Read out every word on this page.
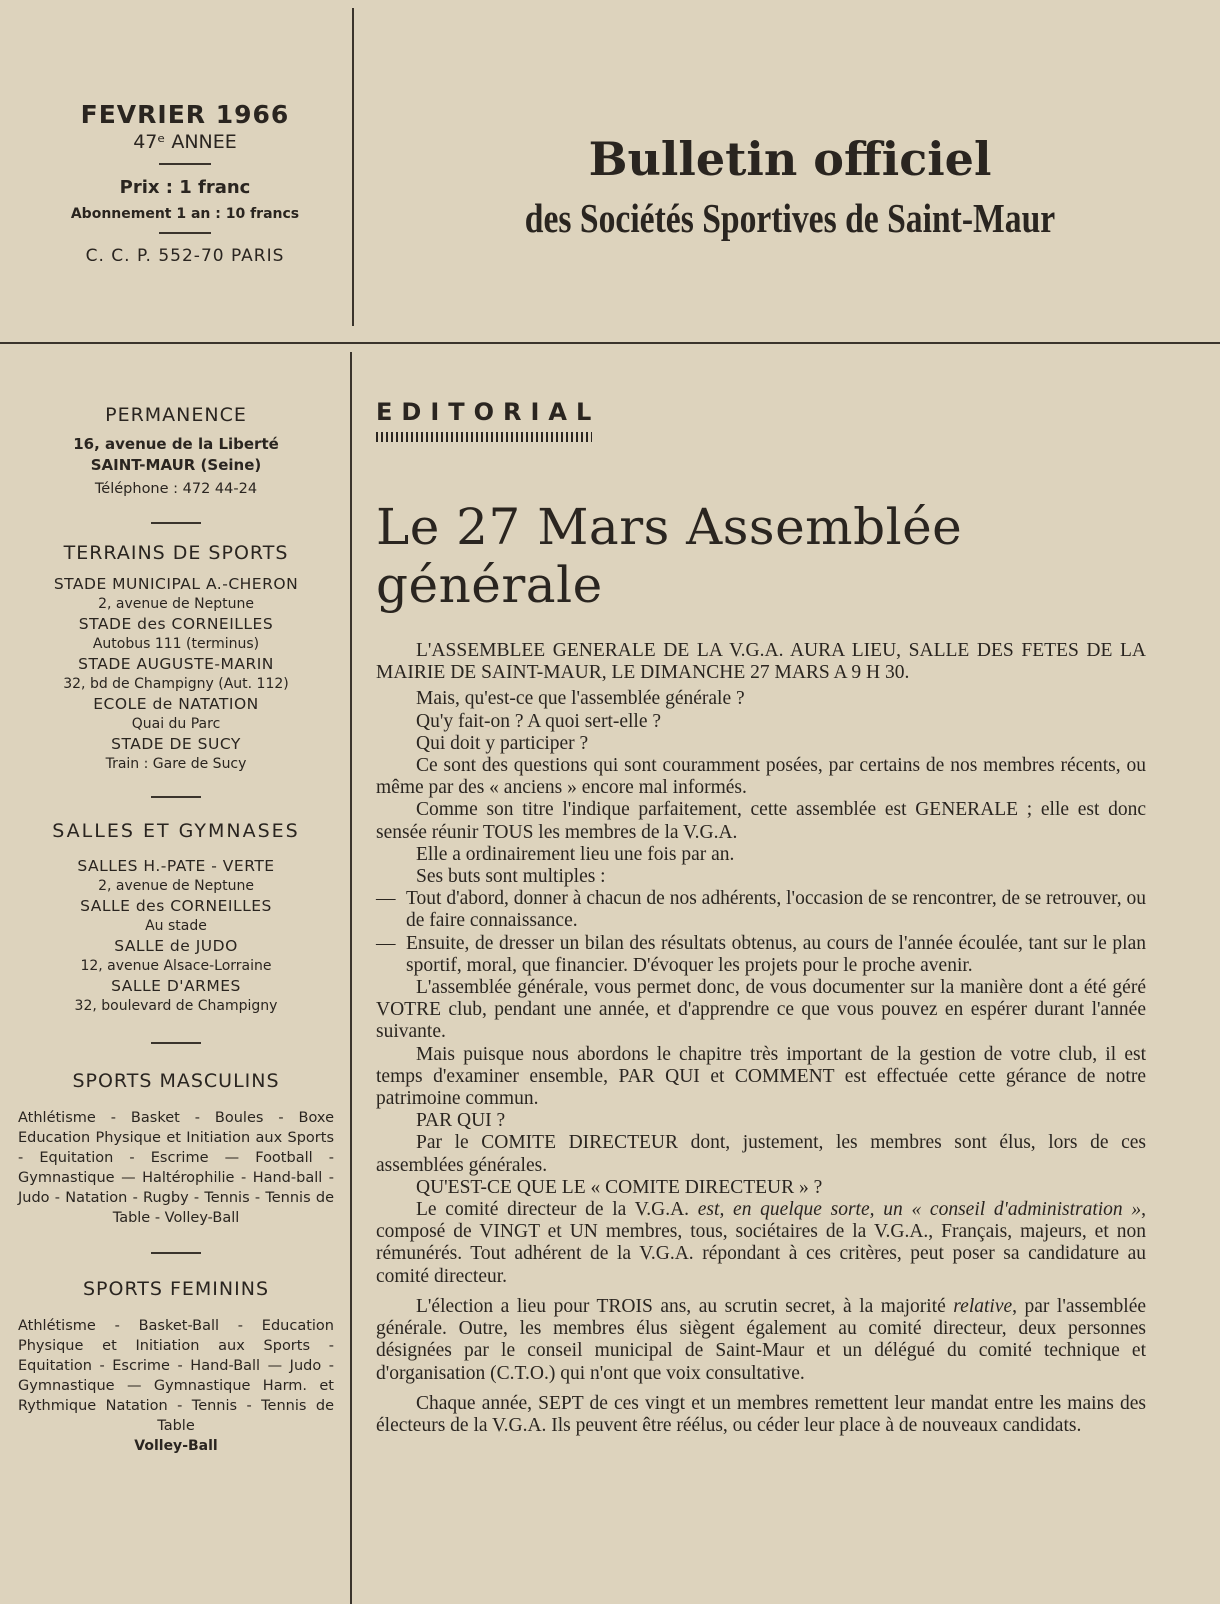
FEVRIER 1966
47ᵉ ANNEE
Prix : 1 franc
Abonnement 1 an : 10 francs
C. C. P. 552-70 PARIS
Bulletin officiel
des Sociétés Sportives de Saint-Maur
PERMANENCE
16, avenue de la Liberté
SAINT-MAUR (Seine)
Téléphone : 472 44-24
TERRAINS DE SPORTS
STADE MUNICIPAL A.-CHERON
2, avenue de Neptune
STADE des CORNEILLES
Autobus 111 (terminus)
STADE AUGUSTE-MARIN
32, bd de Champigny (Aut. 112)
ECOLE de NATATION
Quai du Parc
STADE DE SUCY
Train : Gare de Sucy
SALLES ET GYMNASES
SALLES H.-PATE - VERTE
2, avenue de Neptune
SALLE des CORNEILLES
Au stade
SALLE de JUDO
12, avenue Alsace-Lorraine
SALLE D'ARMES
32, boulevard de Champigny
SPORTS MASCULINS
Athlétisme - Basket - Boules - Boxe Education Physique et Initiation aux Sports - Equitation - Escrime — Football - Gymnastique — Haltérophilie - Hand-ball - Judo - Natation - Rugby - Tennis - Tennis de Table - Volley-Ball
SPORTS FEMININS
Athlétisme - Basket-Ball - Education Physique et Initiation aux Sports - Equitation - Escrime - Hand-Ball — Judo - Gymnastique — Gymnastique Harm. et Rythmique Natation - Tennis - Tennis de Table
Volley-Ball
EDITORIAL
Le 27 Mars Assemblée générale

L'ASSEMBLEE GENERALE DE LA V.G.A. AURA LIEU, SALLE DES FETES DE LA MAIRIE DE SAINT-MAUR, LE DIMANCHE 27 MARS A 9 H 30.

Mais, qu'est-ce que l'assemblée générale ?

Qu'y fait-on ? A quoi sert-elle ?

Qui doit y participer ?

Ce sont des questions qui sont couramment posées, par certains de nos membres récents, ou même par des « anciens » encore mal informés.

Comme son titre l'indique parfaitement, cette assemblée est GENERALE ; elle est donc sensée réunir TOUS les membres de la V.G.A.

Elle a ordinairement lieu une fois par an.

Ses buts sont multiples :

— Tout d'abord, donner à chacun de nos adhérents, l'occasion de se rencontrer, de se retrouver, ou de faire connaissance.
— Ensuite, de dresser un bilan des résultats obtenus, au cours de l'année écoulée, tant sur le plan sportif, moral, que financier. D'évoquer les projets pour le proche avenir.

L'assemblée générale, vous permet donc, de vous documenter sur la manière dont a été géré VOTRE club, pendant une année, et d'apprendre ce que vous pouvez en espérer durant l'année suivante.

Mais puisque nous abordons le chapitre très important de la gestion de votre club, il est temps d'examiner ensemble, PAR QUI et COMMENT est effectuée cette gérance de notre patrimoine commun.

PAR QUI ?

Par le COMITE DIRECTEUR dont, justement, les membres sont élus, lors de ces assemblées générales.

QU'EST-CE QUE LE « COMITE DIRECTEUR » ?

Le comité directeur de la V.G.A. est, en quelque sorte, un « conseil d'administration », composé de VINGT et UN membres, tous, sociétaires de la V.G.A., Français, majeurs, et non rémunérés. Tout adhérent de la V.G.A. répondant à ces critères, peut poser sa candidature au comité directeur.

L'élection a lieu pour TROIS ans, au scrutin secret, à la majorité relative, par l'assemblée générale. Outre, les membres élus siègent également au comité directeur, deux personnes désignées par le conseil municipal de Saint-Maur et un délégué du comité technique et d'organisation (C.T.O.) qui n'ont que voix consultative.

Chaque année, SEPT de ces vingt et un membres remettent leur mandat entre les mains des électeurs de la V.G.A. Ils peuvent être réélus, ou céder leur place à de nouveaux candidats.
